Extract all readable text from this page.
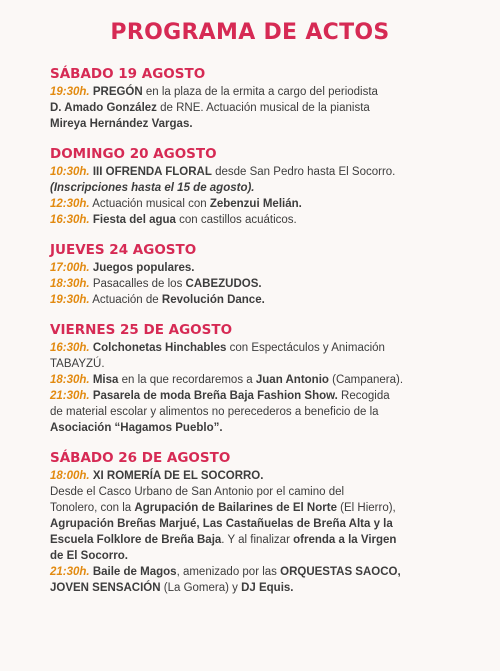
PROGRAMA DE ACTOS
SÁBADO 19 AGOSTO

19:30h. PREGÓN en la plaza de la ermita a cargo del periodista

D. Amado González de RNE. Actuación musical de la pianista

Mireya Hernández Vargas.

DOMINGO 20 AGOSTO

10:30h. III OFRENDA FLORAL desde San Pedro hasta El Socorro.

(Inscripciones hasta el 15 de agosto).

12:30h. Actuación musical con Zebenzui Melián.

16:30h. Fiesta del agua con castillos acuáticos.

JUEVES 24 AGOSTO

17:00h. Juegos populares.

18:30h. Pasacalles de los CABEZUDOS.

19:30h. Actuación de Revolución Dance.

VIERNES 25 DE AGOSTO

16:30h. Colchonetas Hinchables con Espectáculos y Animación

TABAYZÚ.

18:30h. Misa en la que recordaremos a Juan Antonio (Campanera).

21:30h. Pasarela de moda Breña Baja Fashion Show. Recogida

de material escolar y alimentos no perecederos a beneficio de la

Asociación “Hagamos Pueblo”.

SÁBADO 26 DE AGOSTO

18:00h. XI ROMERÍA DE EL SOCORRO.

Desde el Casco Urbano de San Antonio por el camino del

Tonolero, con la Agrupación de Bailarines de El Norte (El Hierro),

Agrupación Breñas Marjué, Las Castañuelas de Breña Alta y la

Escuela Folklore de Breña Baja. Y al finalizar ofrenda a la Virgen

de El Socorro.

21:30h. Baile de Magos, amenizado por las ORQUESTAS SAOCO,

JOVEN SENSACIÓN (La Gomera) y DJ Equis.
